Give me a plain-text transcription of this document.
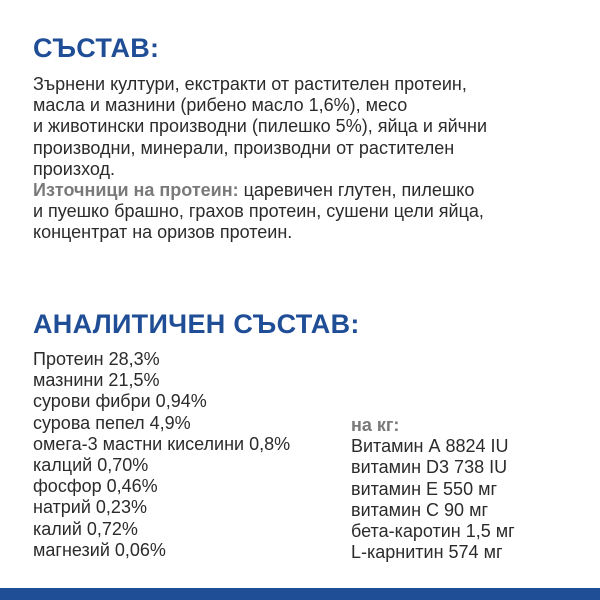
СЪСТАВ:
Зърнени култури, екстракти от растителен протеин,
масла и мазнини (рибено масло 1,6%), месо
и животински производни (пилешко 5%), яйца и яйчни
производни, минерали, производни от растителен
произход.
Източници на протеин: царевичен глутен, пилешко
и пуешко брашно, грахов протеин, сушени цели яйца,
концентрат на оризов протеин.
АНАЛИТИЧЕН СЪСТАВ:
Протеин 28,3%
мазнини 21,5%
сурови фибри 0,94%
сурова пепел 4,9%
омега-3 мастни киселини 0,8%
калций 0,70%
фосфор 0,46%
натрий 0,23%
калий 0,72%
магнезий 0,06%
на кг:
Витамин А 8824 IU
витамин D3 738 IU
витамин Е 550 мг
витамин С 90 мг
бета-каротин 1,5 мг
L-карнитин 574 мг
